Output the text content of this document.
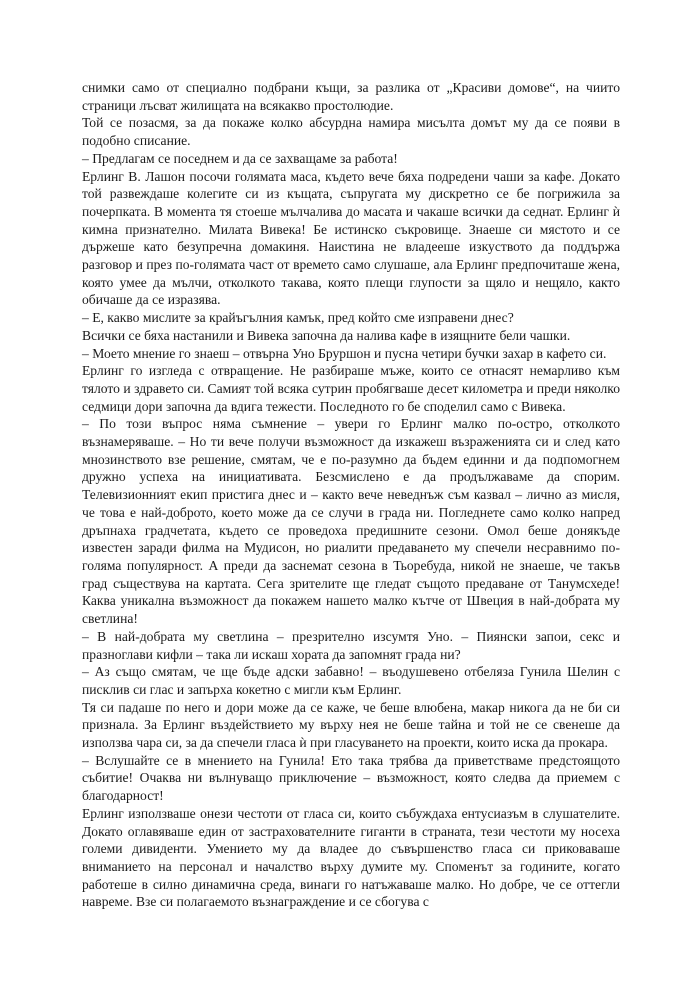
снимки само от специално подбрани къщи, за разлика от „Красиви домове“, на чиито страници лъсват жилищата на всякакво простолюдие.

Той се позасмя, за да покаже колко абсурдна намира мисълта домът му да се появи в подобно списание.

– Предлагам се поседнем и да се захващаме за работа!

Ерлинг В. Лашон посочи голямата маса, където вече бяха подредени чаши за кафе. Докато той развеждаше колегите си из къщата, съпругата му дискретно се бе погрижила за почерпката. В момента тя стоеше мълчалива до масата и чакаше всички да седнат. Ерлинг ѝ кимна признателно. Милата Вивека! Бе истинско съкровище. Знаеше си мястото и се държеше като безупречна домакиня. Наистина не владееше изкуството да поддържа разговор и през по-голямата част от времето само слушаше, ала Ерлинг предпочиташе жена, която умее да мълчи, отколкото такава, която плещи глупости за щяло и нещяло, както обичаше да се изразява.

– Е, какво мислите за крайъгълния камък, пред който сме изправени днес?

Всички се бяха настанили и Вивека започна да налива кафе в изящните бели чашки.

– Моето мнение го знаеш – отвърна Уно Бруршон и пусна четири бучки захар в кафето си.

Ерлинг го изгледа с отвращение. Не разбираше мъже, които се отнасят немарливо към тялото и здравето си. Самият той всяка сутрин пробягваше десет километра и преди няколко седмици дори започна да вдига тежести. Последното го бе споделил само с Вивека.

– По този въпрос няма съмнение – увери го Ерлинг малко по-остро, отколкото възнамеряваше. – Но ти вече получи възможност да изкажеш възраженията си и след като мнозинството взе решение, смятам, че е по-разумно да бъдем единни и да подпомогнем дружно успеха на инициативата. Безсмислено е да продължаваме да спорим. Телевизионният екип пристига днес и – както вече неведнъж съм казвал – лично аз мисля, че това е най-доброто, което може да се случи в града ни. Погледнете само колко напред дръпнаха градчетата, където се проведоха предишните сезони. Омол беше донякъде известен заради филма на Мудисон, но риалити предаването му спечели несравнимо по-голяма популярност. А преди да заснемат сезона в Тьоребуда, никой не знаеше, че такъв град съществува на картата. Сега зрителите ще гледат същото предаване от Танумсхеде! Каква уникална възможност да покажем нашето малко кътче от Швеция в най-добрата му светлина!

– В най-добрата му светлина – презрително изсумтя Уно. – Пиянски запои, секс и празноглави кифли – така ли искаш хората да запомнят града ни?

– Аз също смятам, че ще бъде адски забавно! – въодушевено отбелязa Гунила Шелин с писклив си глас и запърха кокетно с мигли към Ерлинг.

Тя си падаше по него и дори може да се каже, че беше влюбена, макар никога да не би си признала. За Ерлинг въздействието му върху нея не беше тайна и той не се свенеше да използва чара си, за да спечели гласа ѝ при гласуването на проекти, които иска да прокара.

– Вслушайте се в мнението на Гунила! Ето така трябва да приветстваме предстоящото събитие! Очаква ни вълнуващо приключение – възможност, която следва да приемем с благодарност!

Ерлинг използваше онези честоти от гласа си, които събуждаха ентусиазъм в слушателите. Докато оглавяваше един от застрахователните гиганти в страната, тези честоти му носеха големи дивиденти. Умението му да владее до съвършенство гласа си приковаваше вниманието на персонал и началство върху думите му. Споменът за годините, когато работеше в силно динамична среда, винаги го натъжаваше малко. Но добре, че се оттегли навреме. Взе си полагаемото възнаграждение и се сбогува с
